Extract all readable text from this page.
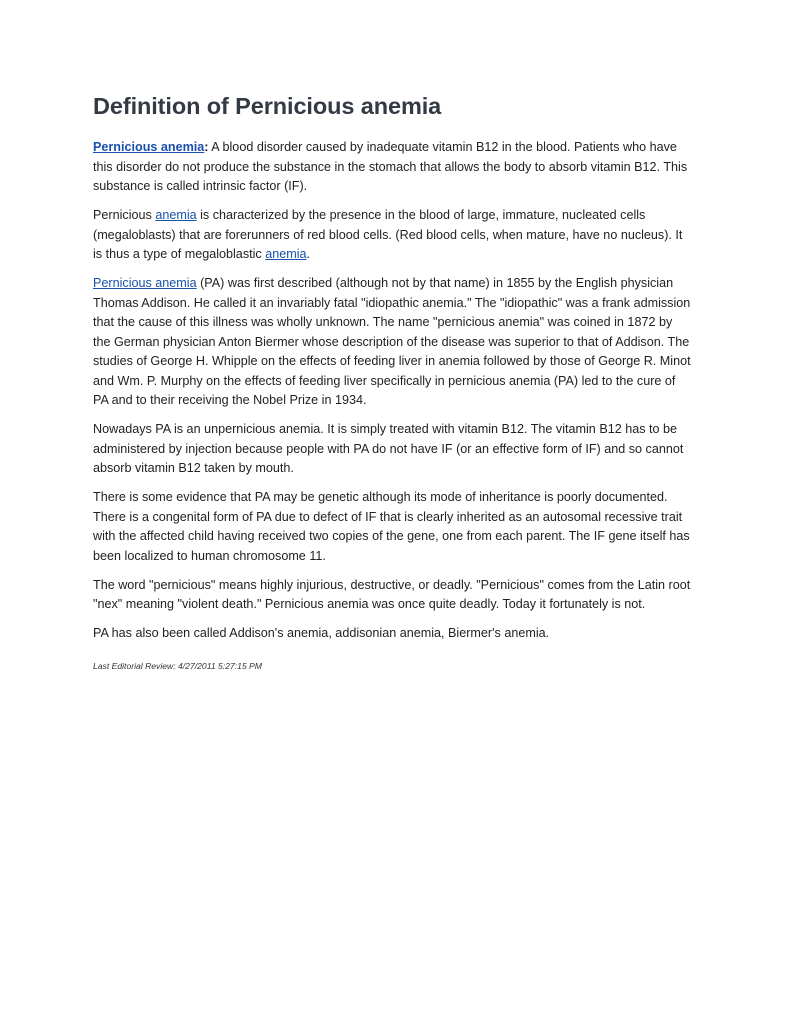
Definition of Pernicious anemia

Pernicious anemia: A blood disorder caused by inadequate vitamin B12 in the blood. Patients who have this disorder do not produce the substance in the stomach that allows the body to absorb vitamin B12. This substance is called intrinsic factor (IF).

Pernicious anemia is characterized by the presence in the blood of large, immature, nucleated cells (megaloblasts) that are forerunners of red blood cells. (Red blood cells, when mature, have no nucleus). It is thus a type of megaloblastic anemia.

Pernicious anemia (PA) was first described (although not by that name) in 1855 by the English physician Thomas Addison. He called it an invariably fatal "idiopathic anemia." The "idiopathic" was a frank admission that the cause of this illness was wholly unknown. The name "pernicious anemia" was coined in 1872 by the German physician Anton Biermer whose description of the disease was superior to that of Addison. The studies of George H. Whipple on the effects of feeding liver in anemia followed by those of George R. Minot and Wm. P. Murphy on the effects of feeding liver specifically in pernicious anemia (PA) led to the cure of PA and to their receiving the Nobel Prize in 1934.

Nowadays PA is an unpernicious anemia. It is simply treated with vitamin B12. The vitamin B12 has to be administered by injection because people with PA do not have IF (or an effective form of IF) and so cannot absorb vitamin B12 taken by mouth.

There is some evidence that PA may be genetic although its mode of inheritance is poorly documented. There is a congenital form of PA due to defect of IF that is clearly inherited as an autosomal recessive trait with the affected child having received two copies of the gene, one from each parent. The IF gene itself has been localized to human chromosome 11.

The word "pernicious" means highly injurious, destructive, or deadly. "Pernicious" comes from the Latin root "nex" meaning "violent death." Pernicious anemia was once quite deadly. Today it fortunately is not.

PA has also been called Addison's anemia, addisonian anemia, Biermer's anemia.

Last Editorial Review: 4/27/2011 5:27:15 PM
